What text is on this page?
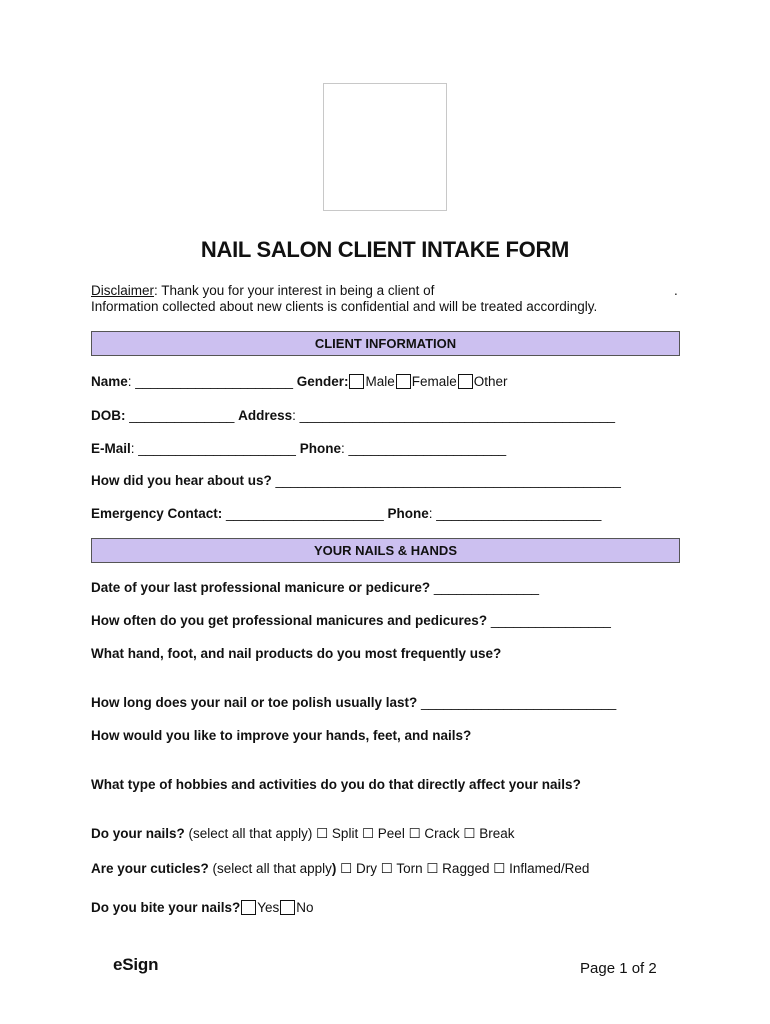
NAIL SALON CLIENT INTAKE FORM
Disclaimer: Thank you for your interest in being a client of	.
Information collected about new clients is confidential and will be treated accordingly.
CLIENT INFORMATION
Name: _____________________ Gender: Male Female Other
DOB: ______________ Address: __________________________________________
E-Mail: _____________________ Phone: _____________________
How did you hear about us? ______________________________________________
Emergency Contact: _____________________ Phone: ______________________
YOUR NAILS & HANDS
Date of your last professional manicure or pedicure? ______________
How often do you get professional manicures and pedicures? ________________
What hand, foot, and nail products do you most frequently use?
How long does your nail or toe polish usually last? __________________________
How would you like to improve your hands, feet, and nails?
What type of hobbies and activities do you do that directly affect your nails?
Do your nails? (select all that apply) ☐ Split ☐ Peel ☐ Crack ☐ Break
Are your cuticles? (select all that apply) ☐ Dry ☐ Torn ☐ Ragged ☐ Inflamed/Red
Do you bite your nails? Yes No
eSign	Page 1 of 2
